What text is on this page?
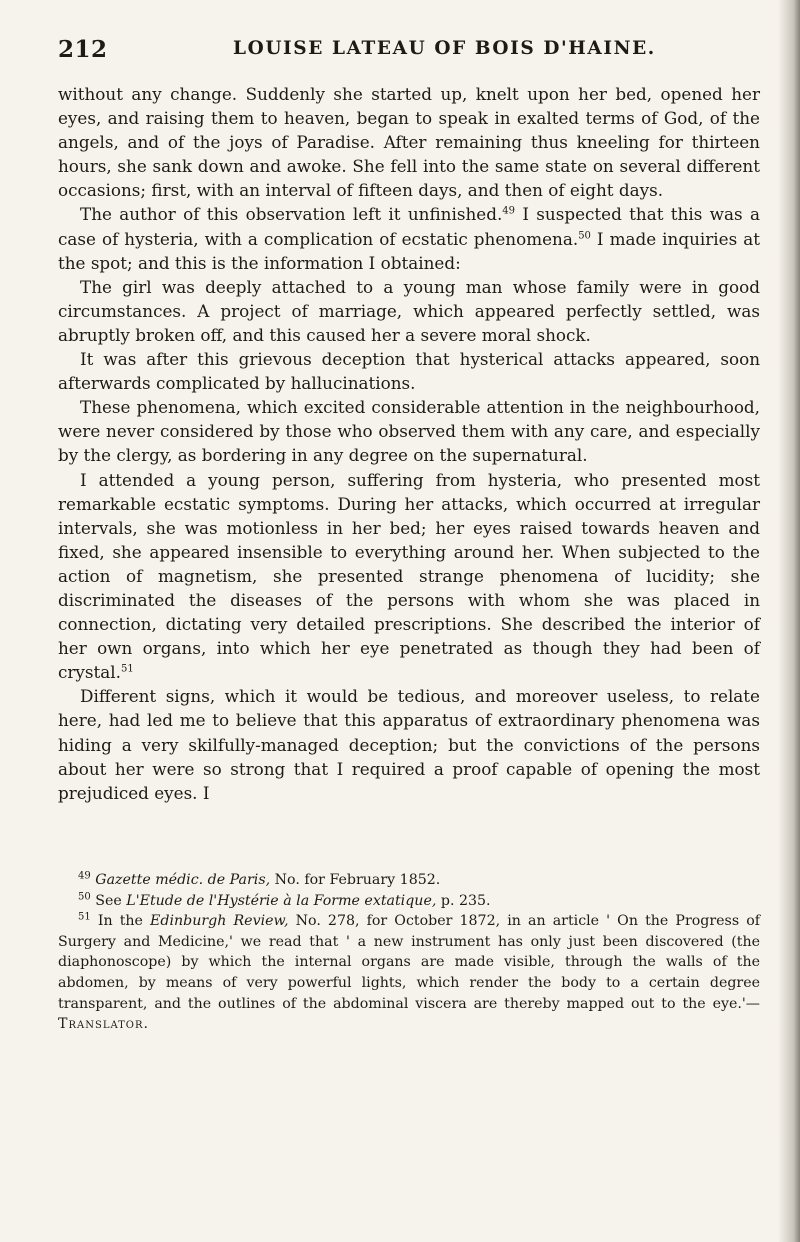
212	LOUISE LATEAU OF BOIS D'HAINE.

without any change. Suddenly she started up, knelt upon her bed, opened her eyes, and raising them to heaven, began to speak in exalted terms of God, of the angels, and of the joys of Paradise. After remaining thus kneeling for thirteen hours, she sank down and awoke. She fell into the same state on several different occasions; first, with an interval of fifteen days, and then of eight days.

The author of this observation left it unfinished.$^{49}$ I suspected that this was a case of hysteria, with a complication of ecstatic phenomena.$^{50}$ I made inquiries at the spot; and this is the information I obtained:

The girl was deeply attached to a young man whose family were in good circumstances. A project of marriage, which appeared perfectly settled, was abruptly broken off, and this caused her a severe moral shock.

It was after this grievous deception that hysterical attacks appeared, soon afterwards complicated by hallucinations.

These phenomena, which excited considerable attention in the neighbourhood, were never considered by those who observed them with any care, and especially by the clergy, as bordering in any degree on the supernatural.

I attended a young person, suffering from hysteria, who presented most remarkable ecstatic symptoms. During her attacks, which occurred at irregular intervals, she was motionless in her bed; her eyes raised towards heaven and fixed, she appeared insensible to everything around her. When subjected to the action of magnetism, she presented strange phenomena of lucidity; she discriminated the diseases of the persons with whom she was placed in connection, dictating very detailed prescriptions. She described the interior of her own organs, into which her eye penetrated as though they had been of crystal.$^{51}$

Different signs, which it would be tedious, and moreover useless, to relate here, had led me to believe that this apparatus of extraordinary phenomena was hiding a very skilfully-managed deception; but the convictions of the persons about her were so strong that I required a proof capable of opening the most prejudiced eyes. I

$^{49}$ Gazette médic. de Paris, No. for February 1852.

$^{50}$ See L'Etude de l'Hystérie à la Forme extatique, p. 235.

$^{51}$ In the Edinburgh Review, No. 278, for October 1872, in an article ' On the Progress of Surgery and Medicine,' we read that ' a new instrument has only just been discovered (the diaphonoscope) by which the internal organs are made visible, through the walls of the abdomen, by means of very powerful lights, which render the body to a certain degree transparent, and the outlines of the abdominal viscera are thereby mapped out to the eye.'—Translator.
